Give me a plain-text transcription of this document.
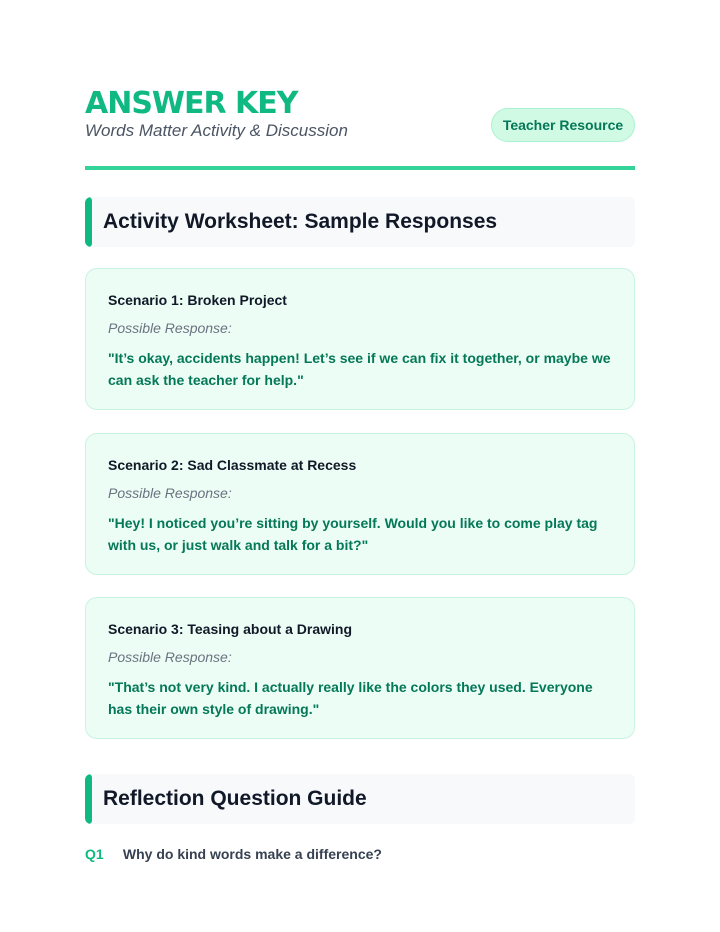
ANSWER KEY
Words Matter Activity & Discussion	Teacher Resource
Activity Worksheet: Sample Responses
Scenario 1: Broken Project
Possible Response:
"It’s okay, accidents happen! Let’s see if we can fix it together, or maybe we can ask the teacher for help."
Scenario 2: Sad Classmate at Recess
Possible Response:
"Hey! I noticed you’re sitting by yourself. Would you like to come play tag with us, or just walk and talk for a bit?"
Scenario 3: Teasing about a Drawing
Possible Response:
"That’s not very kind. I actually really like the colors they used. Everyone has their own style of drawing."
Reflection Question Guide
Q1 Why do kind words make a difference?
